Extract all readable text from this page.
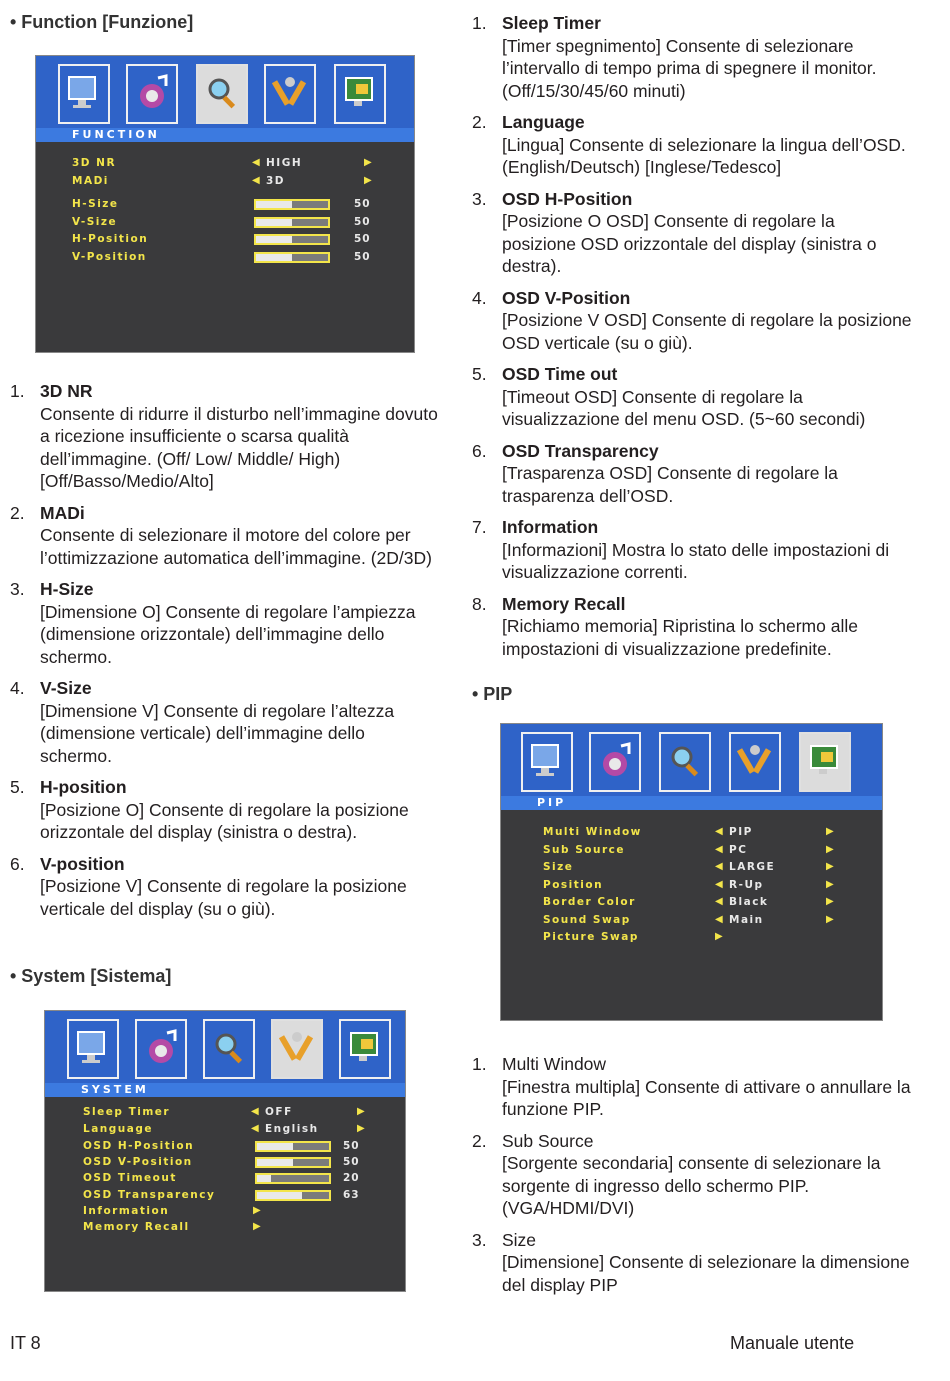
• Function [Funzione]
FUNCTION
3D NR	◀ HIGH	▶
MADi	◀ 3D	▶
H-Size	50
V-Size	50
H-Position	50
V-Position	50
1. 3D NR
Consente di ridurre il disturbo nell’immagine dovuto a ricezione insufficiente o scarsa qualità dell’immagine. (Off/ Low/ Middle/ High) [Off/Basso/Medio/Alto]
2. MADi
Consente di selezionare il motore del colore per l’ottimizzazione automatica dell’immagine. (2D/3D)
3. H-Size
[Dimensione O] Consente di regolare l’ampiezza (dimensione orizzontale) dell’immagine dello schermo.
4. V-Size
[Dimensione V] Consente di regolare l’altezza (dimensione verticale) dell’immagine dello schermo.
5. H-position
[Posizione O] Consente di regolare la posizione orizzontale del display (sinistra o destra).
6. V-position
[Posizione V] Consente di regolare la posizione verticale del display (su o giù).
• System [Sistema]
SYSTEM
Sleep Timer	◀ OFF	▶
Language	◀ English	▶
OSD H-Position	50
OSD V-Position	50
OSD Timeout	20
OSD Transparency	63
Information	▶
Memory Recall	▶
1. Sleep Timer
[Timer spegnimento] Consente di selezionare l’intervallo di tempo prima di spegnere il monitor. (Off/15/30/45/60 minuti)
2. Language
[Lingua] Consente di selezionare la lingua dell’OSD. (English/Deutsch) [Inglese/Tedesco]
3. OSD H-Position
[Posizione O OSD] Consente di regolare la posizione OSD orizzontale del display (sinistra o destra).
4. OSD V-Position
[Posizione V OSD] Consente di regolare la posizione OSD verticale (su o giù).
5. OSD Time out
[Timeout OSD] Consente di regolare la visualizzazione del menu OSD. (5~60 secondi)
6. OSD Transparency
[Trasparenza OSD] Consente di regolare la trasparenza dell’OSD.
7. Information
[Informazioni] Mostra lo stato delle impostazioni di visualizzazione correnti.
8. Memory Recall
[Richiamo memoria] Ripristina lo schermo alle impostazioni di visualizzazione predefinite.
• PIP
PIP
Multi Window	◀ PIP	▶
Sub Source	◀ PC	▶
Size	◀ LARGE	▶
Position	◀ R-Up	▶
Border Color	◀ Black	▶
Sound Swap	◀ Main	▶
Picture Swap	▶
1. Multi Window
[Finestra multipla] Consente di attivare o annullare la funzione PIP.
2. Sub Source
[Sorgente secondaria] consente di selezionare la sorgente di ingresso dello schermo PIP. (VGA/HDMI/DVI)
3. Size
[Dimensione] Consente di selezionare la dimensione del display PIP
IT 8	Manuale utente
